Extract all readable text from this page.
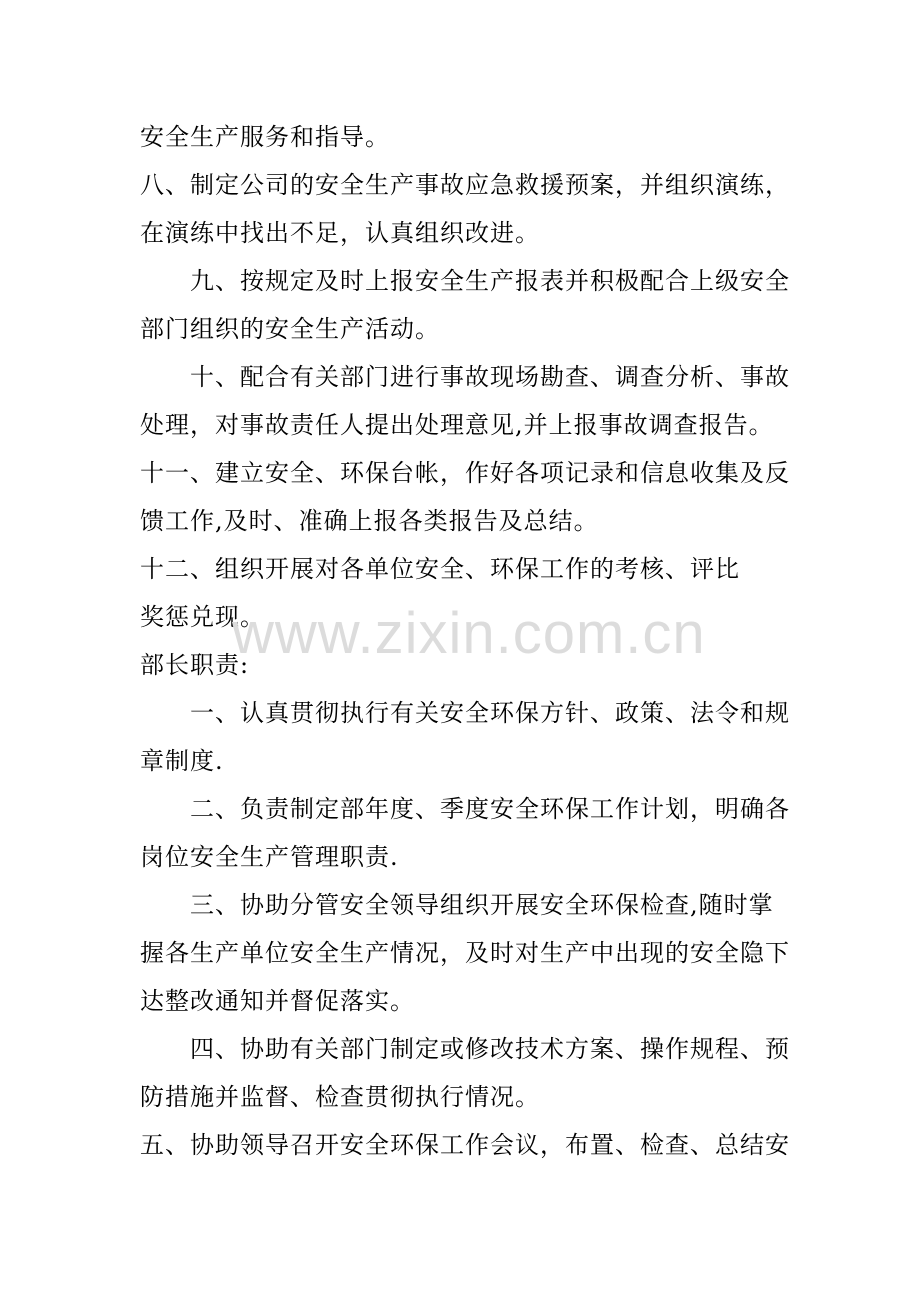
安全生产服务和指导。
八、制定公司的安全生产事故应急救援预案，并组织演练，
在演练中找出不足，认真组织改进。
九、按规定及时上报安全生产报表并积极配合上级安全
部门组织的安全生产活动。
十、配合有关部门进行事故现场勘查、调查分析、事故
处理，对事故责任人提出处理意见,并上报事故调查报告。
十一、建立安全、环保台帐，作好各项记录和信息收集及反
馈工作,及时、准确上报各类报告及总结。
十二、组织开展对各单位安全、环保工作的考核、评比
奖惩兑现。
部长职责:
一、认真贯彻执行有关安全环保方针、政策、法令和规
章制度.
二、负责制定部年度、季度安全环保工作计划，明确各
岗位安全生产管理职责.
三、协助分管安全领导组织开展安全环保检查,随时掌
握各生产单位安全生产情况，及时对生产中出现的安全隐下
达整改通知并督促落实。
四、协助有关部门制定或修改技术方案、操作规程、预
防措施并监督、检查贯彻执行情况。
五、协助领导召开安全环保工作会议，布置、检查、总结安
www.zixin.com.cn
